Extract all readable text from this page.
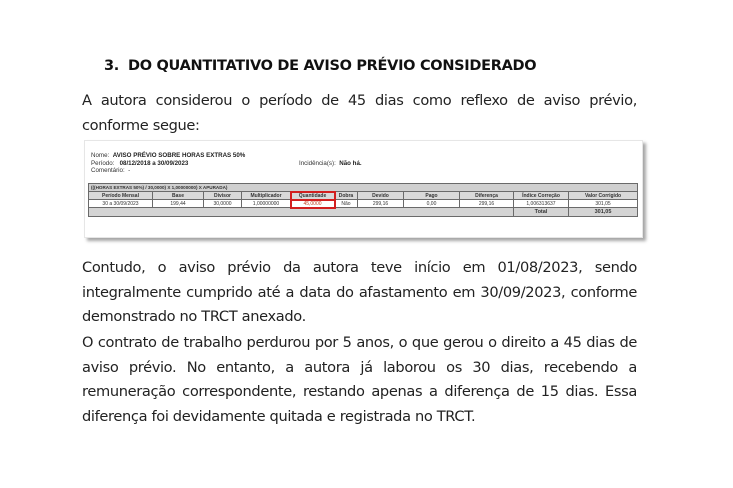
3. DO QUANTITATIVO DE AVISO PRÉVIO CONSIDERADO
A autora considerou o período de 45 dias como reflexo de aviso prévio, conforme segue:
Nome: AVISO PRÉVIO SOBRE HORAS EXTRAS 50%
Período: 08/12/2018 a 30/09/2023	Incidência(s): Não há.
Comentário: -
(((HORAS EXTRAS 50%) / 30,0000) X 1,00000000) X APURADA)										
Período Mensal	Base	Divisor	Multiplicador	Quantidade	Dobra	Devido	Pago	Diferença	Índice Correção	Valor Corrigido
30 a 30/09/2023	199,44	30,0000	1,00000000	45,0000	Não	299,16	0,00	299,16	1,00631363​7	301,05
									Total	301,05
Contudo, o aviso prévio da autora teve início em 01/08/2023, sendo integralmente cumprido até a data do afastamento em 30/09/2023, conforme demonstrado no TRCT anexado.
O contrato de trabalho perdurou por 5 anos, o que gerou o direito a 45 dias de aviso prévio. No entanto, a autora já laborou os 30 dias, recebendo a remuneração correspondente, restando apenas a diferença de 15 dias. Essa diferença foi devidamente quitada e registrada no TRCT.
